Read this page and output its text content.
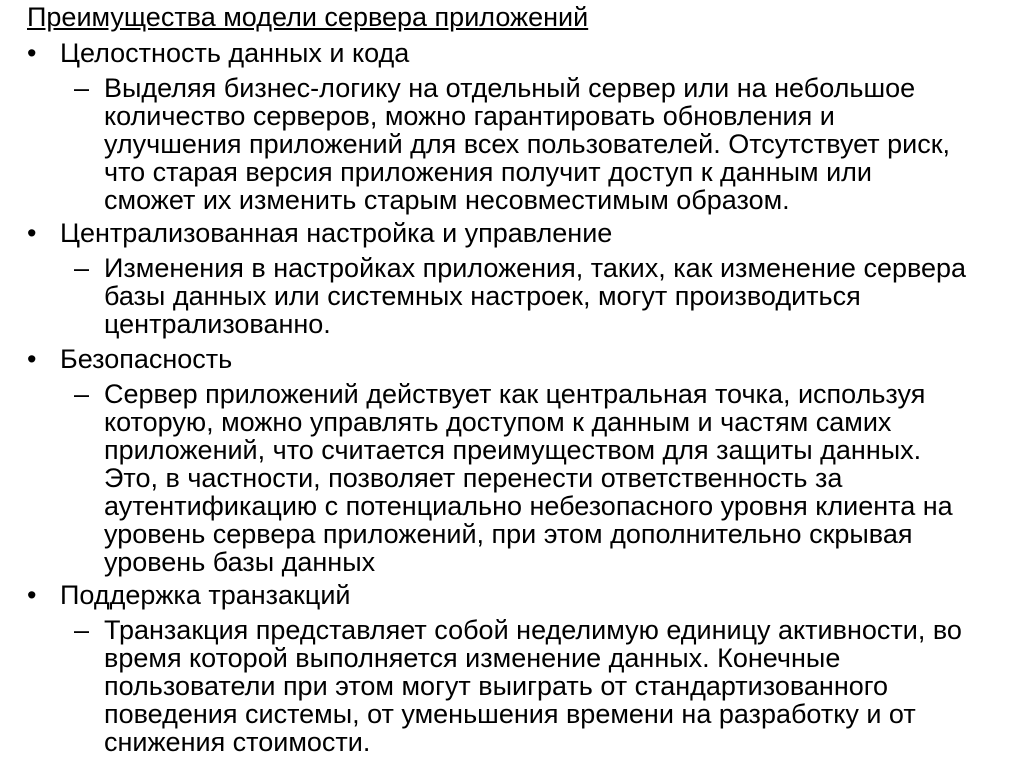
Преимущества модели сервера приложений
• Целостность данных и кода
– Выделяя бизнес-логику на отдельный сервер или на небольшое
количество серверов, можно гарантировать обновления и
улучшения приложений для всех пользователей. Отсутствует риск,
что старая версия приложения получит доступ к данным или
сможет их изменить старым несовместимым образом.
• Централизованная настройка и управление
– Изменения в настройках приложения, таких, как изменение сервера
базы данных или системных настроек, могут производиться
централизованно.
• Безопасность
– Сервер приложений действует как центральная точка, используя
которую, можно управлять доступом к данным и частям самих
приложений, что считается преимуществом для защиты данных.
Это, в частности, позволяет перенести ответственность за
аутентификацию с потенциально небезопасного уровня клиента на
уровень сервера приложений, при этом дополнительно скрывая
уровень базы данных
• Поддержка транзакций
– Транзакция представляет собой неделимую единицу активности, во
время которой выполняется изменение данных. Конечные
пользователи при этом могут выиграть от стандартизованного
поведения системы, от уменьшения времени на разработку и от
снижения стоимости.
